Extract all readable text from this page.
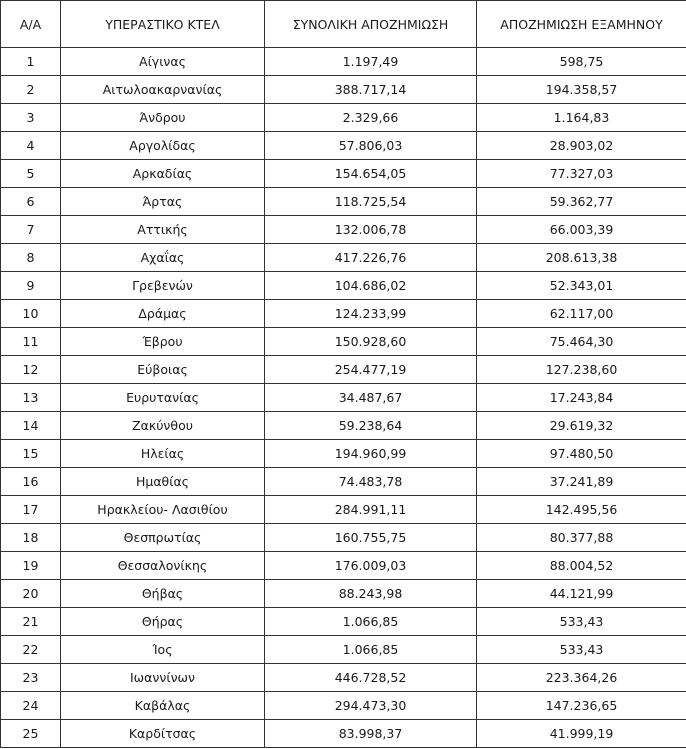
Α/Α	ΥΠΕΡΑΣΤΙΚΟ ΚΤΕΛ	ΣΥΝΟΛΙΚΗ ΑΠΟΖΗΜΙΩΣΗ	ΑΠΟΖΗΜΙΩΣΗ ΕΞΑΜΗΝΟΥ
1	Αίγινας	1.197,49	598,75
2	Αιτωλοακαρνανίας	388.717,14	194.358,57
3	Άνδρου	2.329,66	1.164,83
4	Αργολίδας	57.806,03	28.903,02
5	Αρκαδίας	154.654,05	77.327,03
6	Άρτας	118.725,54	59.362,77
7	Αττικής	132.006,78	66.003,39
8	Αχαΐας	417.226,76	208.613,38
9	Γρεβενών	104.686,02	52.343,01
10	Δράμας	124.233,99	62.117,00
11	Έβρου	150.928,60	75.464,30
12	Εύβοιας	254.477,19	127.238,60
13	Ευρυτανίας	34.487,67	17.243,84
14	Ζακύνθου	59.238,64	29.619,32
15	Ηλείας	194.960,99	97.480,50
16	Ημαθίας	74.483,78	37.241,89
17	Ηρακλείου- Λασιθίου	284.991,11	142.495,56
18	Θεσπρωτίας	160.755,75	80.377,88
19	Θεσσαλονίκης	176.009,03	88.004,52
20	Θήβας	88.243,98	44.121,99
21	Θήρας	1.066,85	533,43
22	Ίος	1.066,85	533,43
23	Ιωαννίνων	446.728,52	223.364,26
24	Καβάλας	294.473,30	147.236,65
25	Καρδίτσας	83.998,37	41.999,19
